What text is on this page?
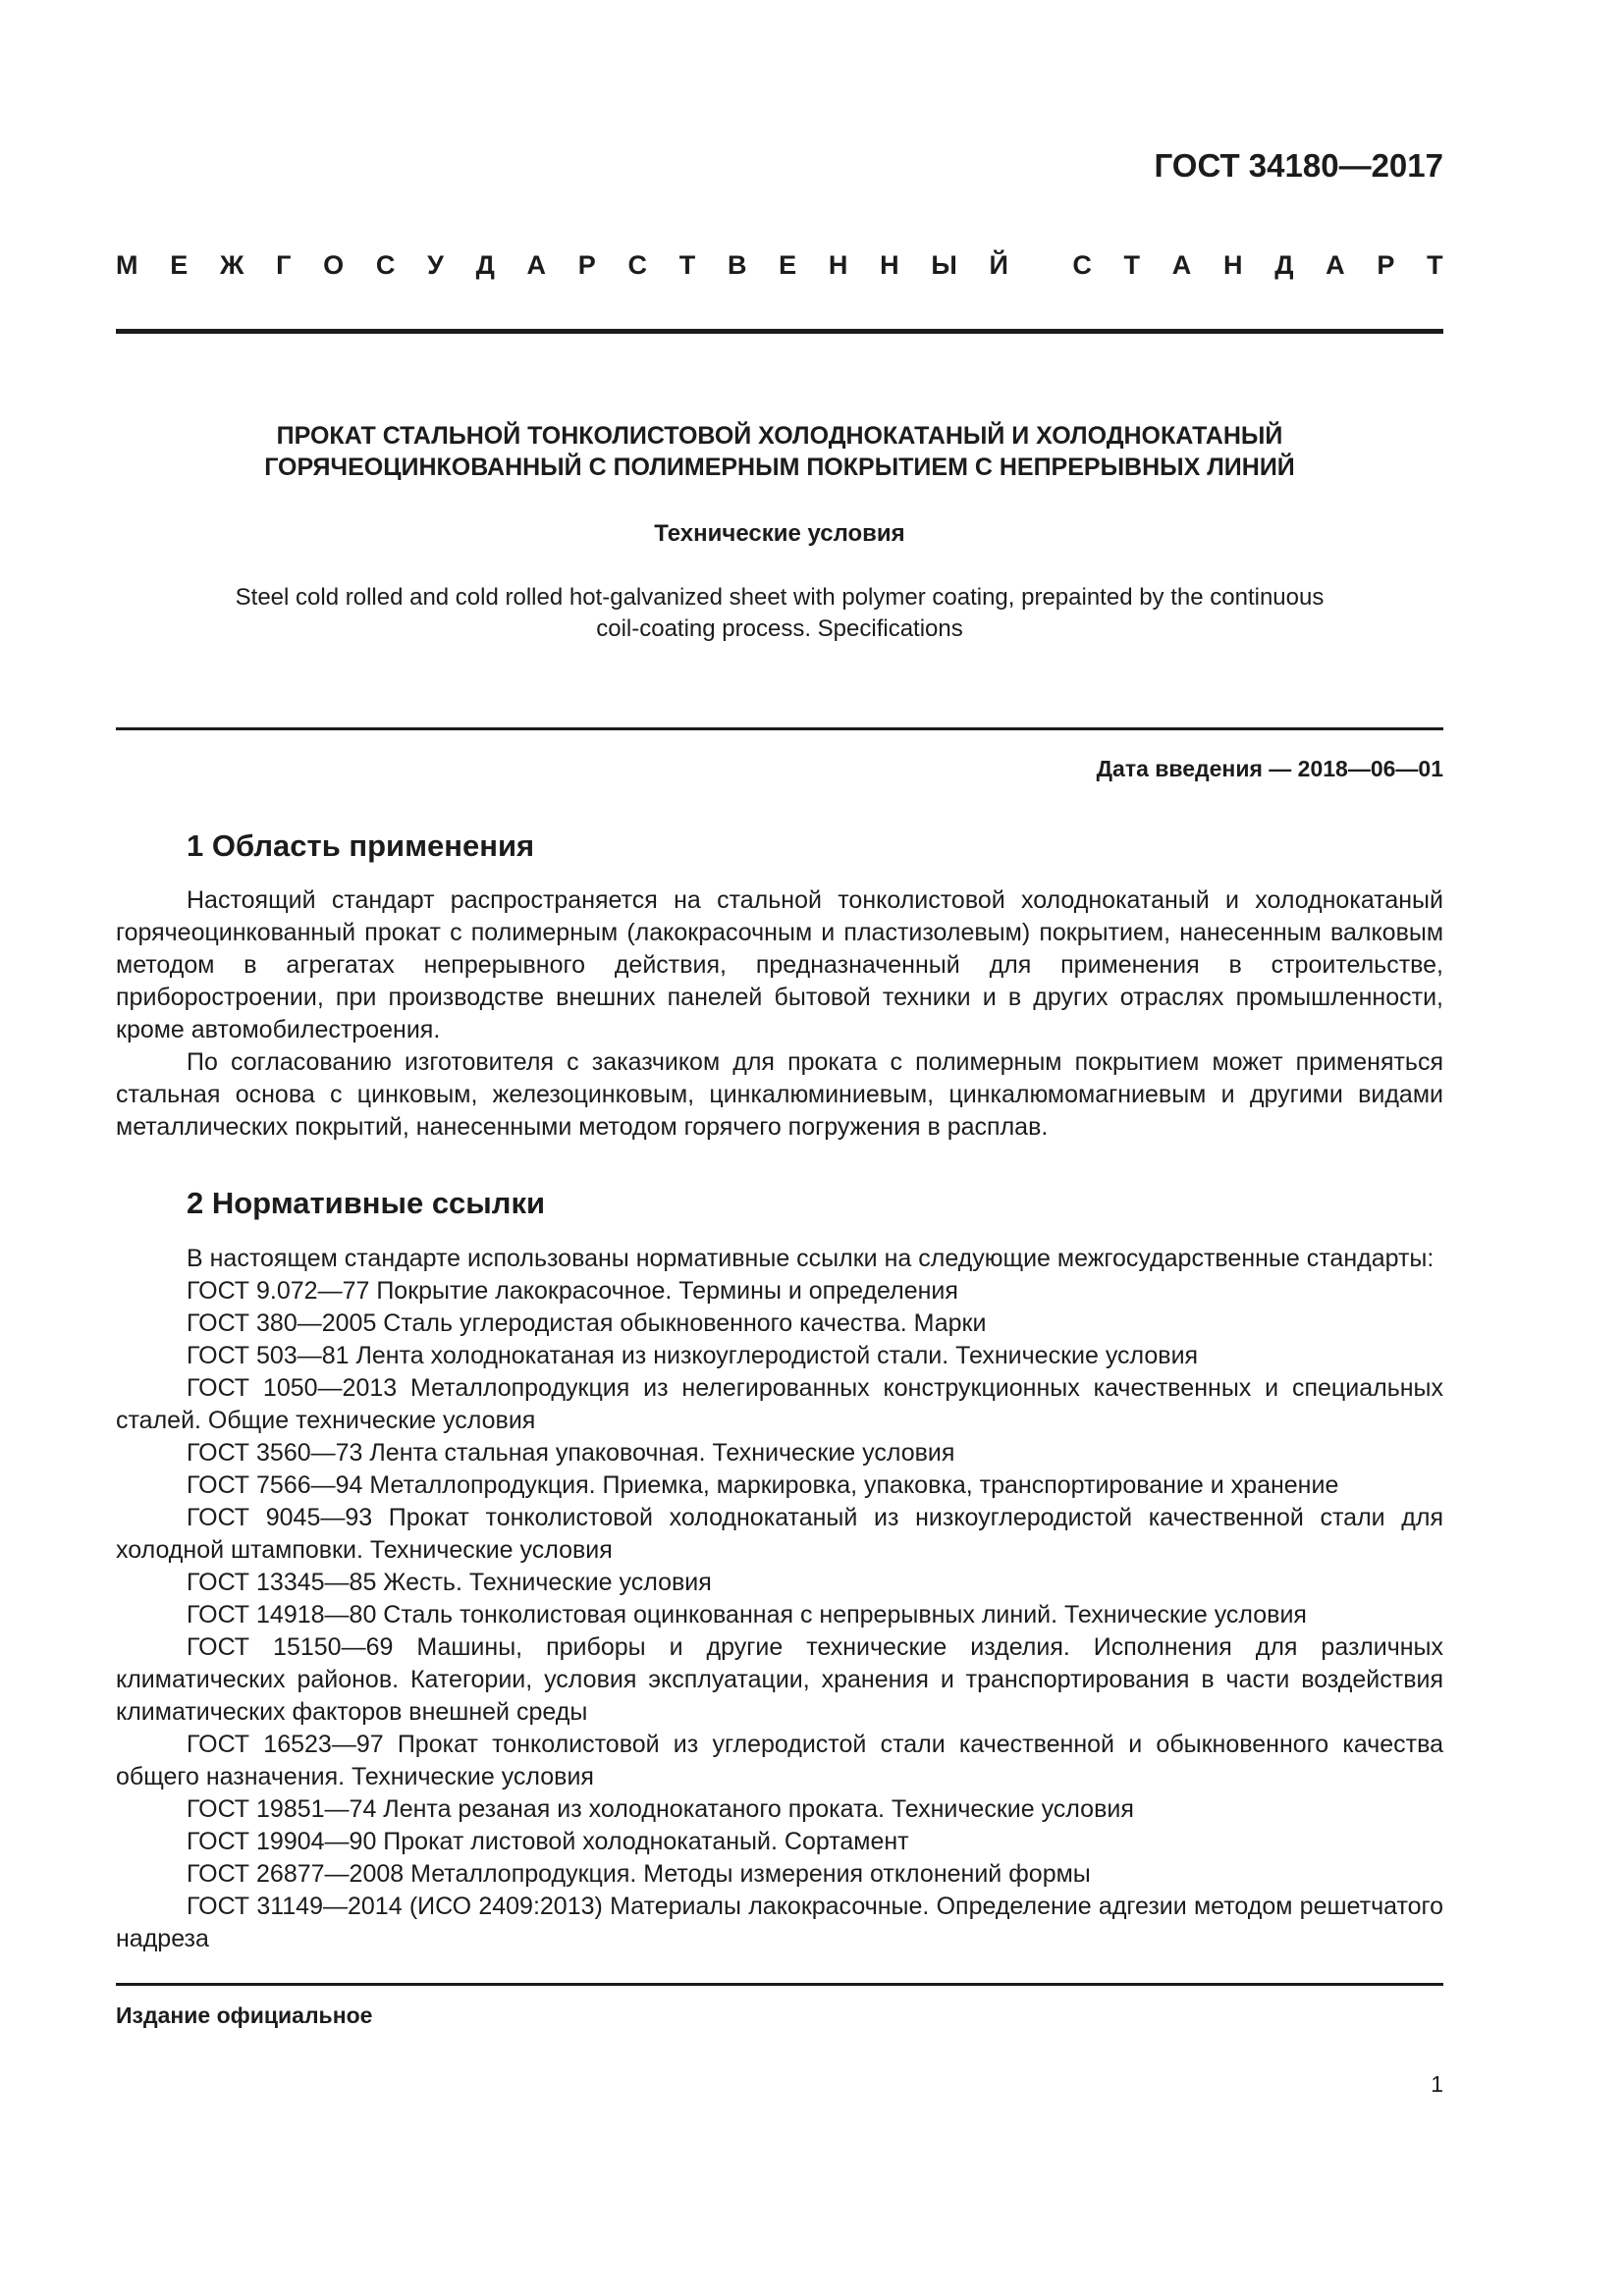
ГОСТ 34180—2017

М Е Ж Г О С У Д А Р С Т В Е Н Н Ы Й С Т А Н Д А Р Т
ПРОКАТ СТАЛЬНОЙ ТОНКОЛИСТОВОЙ ХОЛОДНОКАТАНЫЙ И ХОЛОДНОКАТАНЫЙ
ГОРЯЧЕОЦИНКОВАННЫЙ С ПОЛИМЕРНЫМ ПОКРЫТИЕМ С НЕПРЕРЫВНЫХ ЛИНИЙ
Технические условия
Steel cold rolled and cold rolled hot-galvanized sheet with polymer coating, prepainted by the continuous
coil-coating process. Specifications

Дата введения — 2018—06—01

1 Область применения

Настоящий стандарт распространяется на стальной тонколистовой холоднокатаный и холоднокатаный горячеоцинкованный прокат с полимерным (лакокрасочным и пластизолевым) покрытием, нанесенным валковым методом в агрегатах непрерывного действия, предназначенный для применения в строительстве, приборостроении, при производстве внешних панелей бытовой техники и в других отраслях промышленности, кроме автомобилестроения.

По согласованию изготовителя с заказчиком для проката с полимерным покрытием может применяться стальная основа с цинковым, железоцинковым, цинкалюминиевым, цинкалюмомагниевым и другими видами металлических покрытий, нанесенными методом горячего погружения в расплав.

2 Нормативные ссылки

В настоящем стандарте использованы нормативные ссылки на следующие межгосударственные стандарты:

ГОСТ 9.072—77 Покрытие лакокрасочное. Термины и определения

ГОСТ 380—2005 Сталь углеродистая обыкновенного качества. Марки

ГОСТ 503—81 Лента холоднокатаная из низкоуглеродистой стали. Технические условия

ГОСТ 1050—2013 Металлопродукция из нелегированных конструкционных качественных и специальных сталей. Общие технические условия

ГОСТ 3560—73 Лента стальная упаковочная. Технические условия

ГОСТ 7566—94 Металлопродукция. Приемка, маркировка, упаковка, транспортирование и хранение

ГОСТ 9045—93 Прокат тонколистовой холоднокатаный из низкоуглеродистой качественной стали для холодной штамповки. Технические условия

ГОСТ 13345—85 Жесть. Технические условия

ГОСТ 14918—80 Сталь тонколистовая оцинкованная с непрерывных линий. Технические условия

ГОСТ 15150—69 Машины, приборы и другие технические изделия. Исполнения для различных климатических районов. Категории, условия эксплуатации, хранения и транспортирования в части воздействия климатических факторов внешней среды

ГОСТ 16523—97 Прокат тонколистовой из углеродистой стали качественной и обыкновенного качества общего назначения. Технические условия

ГОСТ 19851—74 Лента резаная из холоднокатаного проката. Технические условия

ГОСТ 19904—90 Прокат листовой холоднокатаный. Сортамент

ГОСТ 26877—2008 Металлопродукция. Методы измерения отклонений формы

ГОСТ 31149—2014 (ИСО 2409:2013) Материалы лакокрасочные. Определение адгезии методом решетчатого надреза

Издание официальное

1
